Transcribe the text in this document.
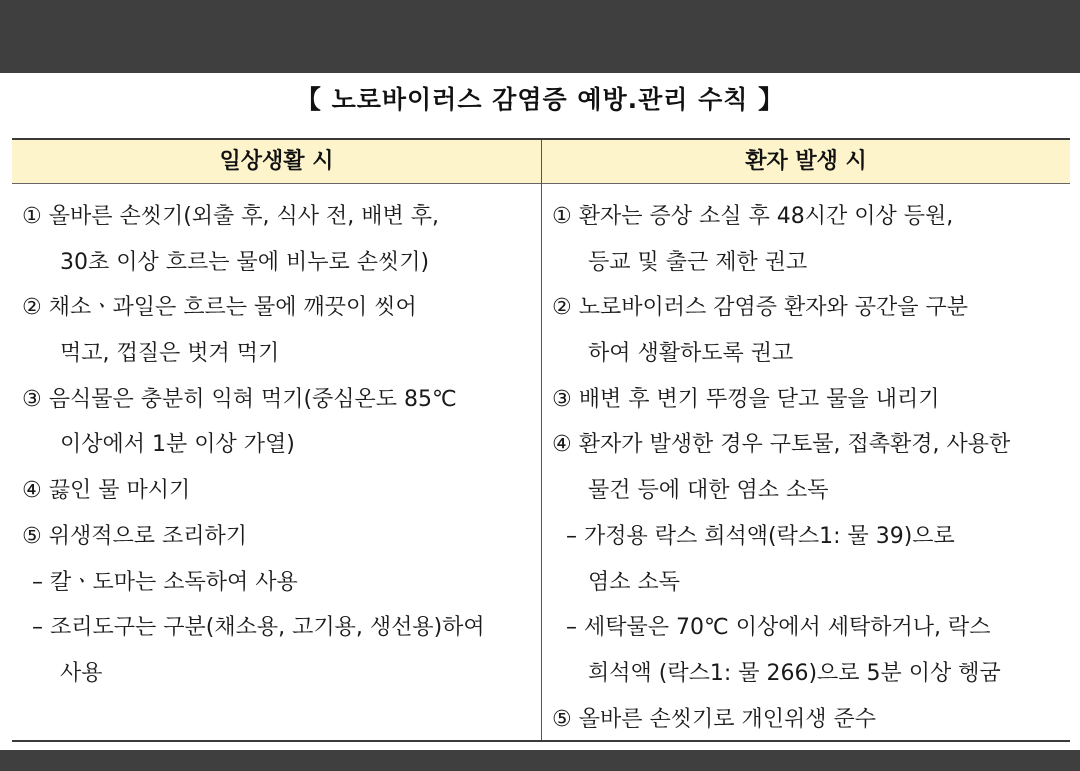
【 노로바이러스 감염증 예방.관리 수칙 】
일상생활 시	환자 발생 시
① 올바른 손씻기(외출 후, 식사 전, 배변 후,
30초 이상 흐르는 물에 비누로 손씻기)
② 채소ㆍ과일은 흐르는 물에 깨끗이 씻어
먹고, 껍질은 벗겨 먹기
③ 음식물은 충분히 익혀 먹기(중심온도 85℃
이상에서 1분 이상 가열)
④ 끓인 물 마시기
⑤ 위생적으로 조리하기
– 칼ㆍ도마는 소독하여 사용
– 조리도구는 구분(채소용, 고기용, 생선용)하여
사용
① 환자는 증상 소실 후 48시간 이상 등원,
등교 및 출근 제한 권고
② 노로바이러스 감염증 환자와 공간을 구분
하여 생활하도록 권고
③ 배변 후 변기 뚜껑을 닫고 물을 내리기
④ 환자가 발생한 경우 구토물, 접촉환경, 사용한
물건 등에 대한 염소 소독
– 가정용 락스 희석액(락스1: 물 39)으로
염소 소독
– 세탁물은 70℃ 이상에서 세탁하거나, 락스
희석액 (락스1: 물 266)으로 5분 이상 헹굼
⑤ 올바른 손씻기로 개인위생 준수
